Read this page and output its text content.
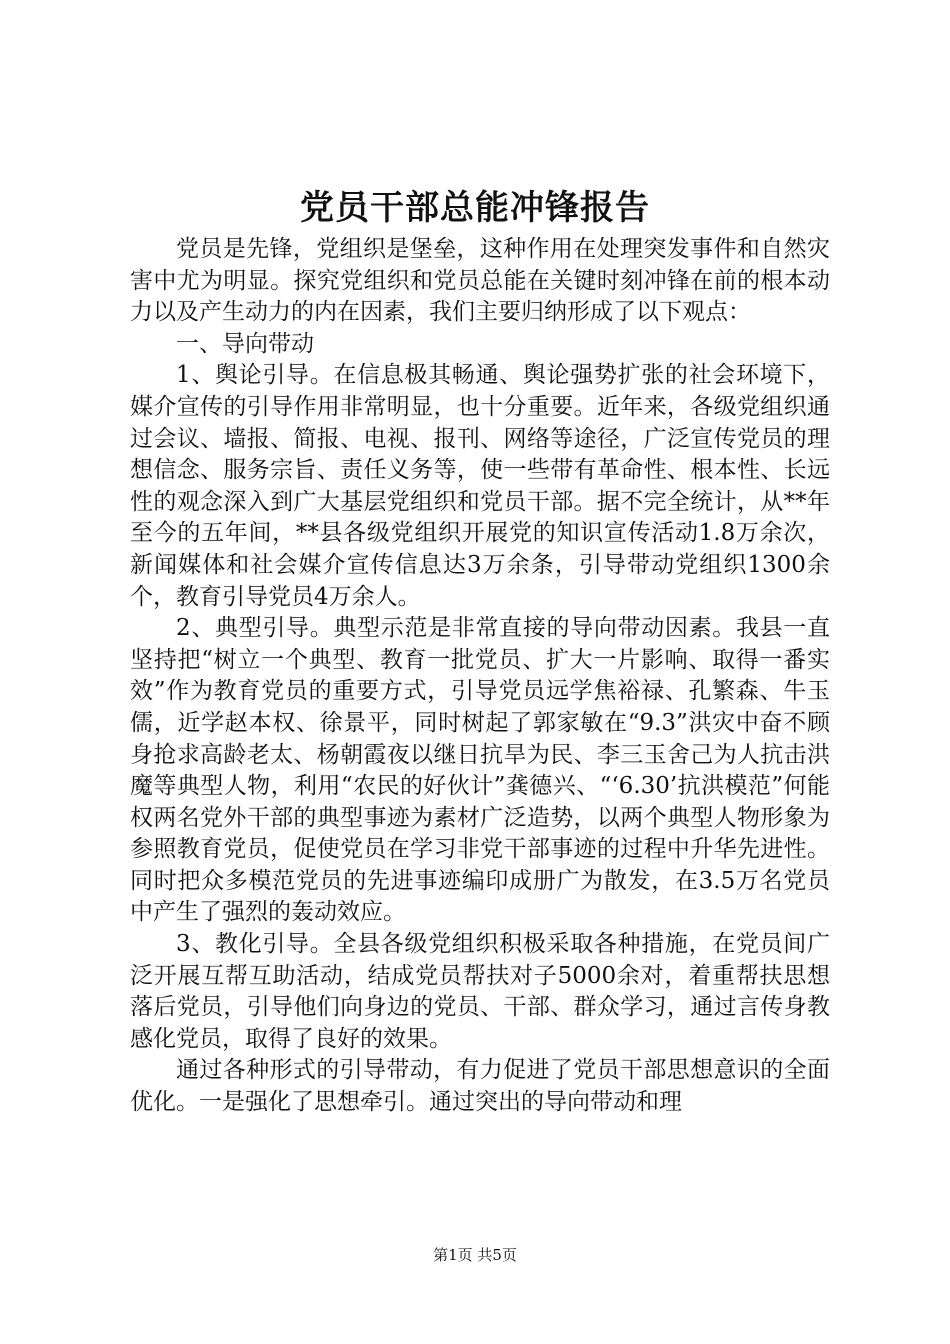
党员干部总能冲锋报告

党员是先锋，党组织是堡垒，这种作用在处理突发事件和自然灾害中尤为明显。探究党组织和党员总能在关键时刻冲锋在前的根本动力以及产生动力的内在因素，我们主要归纳形成了以下观点：

一、导向带动

1、舆论引导。在信息极其畅通、舆论强势扩张的社会环境下，媒介宣传的引导作用非常明显，也十分重要。近年来，各级党组织通过会议、墙报、简报、电视、报刊、网络等途径，广泛宣传党员的理想信念、服务宗旨、责任义务等，使一些带有革命性、根本性、长远性的观念深入到广大基层党组织和党员干部。据不完全统计，从**年至今的五年间，**县各级党组织开展党的知识宣传活动1.8万余次，新闻媒体和社会媒介宣传信息达3万余条，引导带动党组织1300余个，教育引导党员4万余人。

2、典型引导。典型示范是非常直接的导向带动因素。我县一直坚持把“树立一个典型、教育一批党员、扩大一片影响、取得一番实效”作为教育党员的重要方式，引导党员远学焦裕禄、孔繁森、牛玉儒，近学赵本权、徐景平，同时树起了郭家敏在“9.3”洪灾中奋不顾身抢求高龄老太、杨朝霞夜以继日抗旱为民、李三玉舍己为人抗击洪魔等典型人物，利用“农民的好伙计”龚德兴、“‘6.30’抗洪模范”何能权两名党外干部的典型事迹为素材广泛造势，以两个典型人物形象为参照教育党员，促使党员在学习非党干部事迹的过程中升华先进性。同时把众多模范党员的先进事迹编印成册广为散发，在3.5万名党员中产生了强烈的轰动效应。

3、教化引导。全县各级党组织积极采取各种措施，在党员间广泛开展互帮互助活动，结成党员帮扶对子5000余对，着重帮扶思想落后党员，引导他们向身边的党员、干部、群众学习，通过言传身教感化党员，取得了良好的效果。

通过各种形式的引导带动，有力促进了党员干部思想意识的全面优化。一是强化了思想牵引。通过突出的导向带动和理

第1页 共5页
